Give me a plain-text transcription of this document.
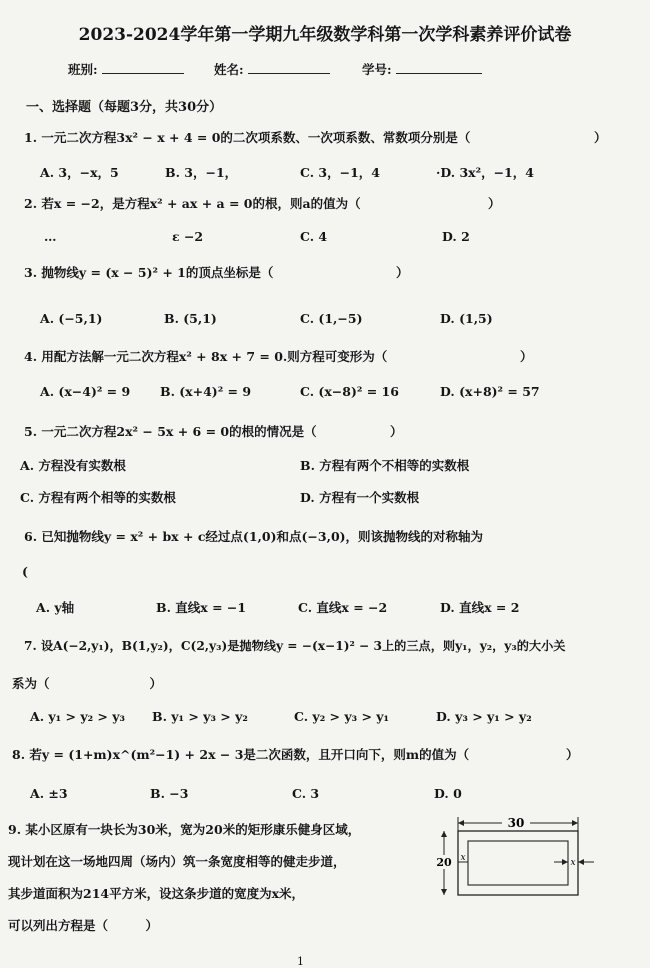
2023-2024学年第一学期九年级数学科第一次学科素养评价试卷
班别:	姓名:	学号:
一、选择题（每题3分，共30分）
1. 一元二次方程3x² − x + 4 = 0的二次项系数、一次项系数、常数项分别是（	）
A. 3，−x，5	B. 3，−1，	C. 3，−1，4	·D. 3x²，−1，4
2. 若x = −2，是方程x² + ax + a = 0的根，则a的值为（	）
…	ε −2	C. 4	D. 2
3. 抛物线y = (x − 5)² + 1的顶点坐标是（	）
A. (−5,1)	B. (5,1)	C. (1,−5)	D. (1,5)
4. 用配方法解一元二次方程x² + 8x + 7 = 0.则方程可变形为（	）
A. (x−4)² = 9 B. (x+4)² = 9	C. (x−8)² = 16	D. (x+8)² = 57
5. 一元二次方程2x² − 5x + 6 = 0的根的情况是（	）
A. 方程没有实数根	B. 方程有两个不相等的实数根
C. 方程有两个相等的实数根	D. 方程有一个实数根
6. 已知抛物线y = x² + bx + c经过点(1,0)和点(−3,0)，则该抛物线的对称轴为
(
A. y轴	B. 直线x = −1	C. 直线x = −2	D. 直线x = 2
7. 设A(−2,y₁)，B(1,y₂)，C(2,y₃)是抛物线y = −(x−1)² − 3上的三点，则y₁，y₂，y₃的大小关
系为（　　　　　　　　）
A. y₁ > y₂ > y₃ B. y₁ > y₃ > y₂	C. y₂ > y₃ > y₁	D. y₃ > y₁ > y₂
8. 若y = (1+m)x^(m²−1) + 2x − 3是二次函数，且开口向下，则m的值为（	）
A. ±3	B. −3	C. 3	D. 0
9. 某小区原有一块长为30米，宽为20米的矩形康乐健身区域，
现计划在这一场地四周（场内）筑一条宽度相等的健走步道，
其步道面积为214平方米，设这条步道的宽度为x米，
可以列出方程是（　　　）
30
20 x	x
1
